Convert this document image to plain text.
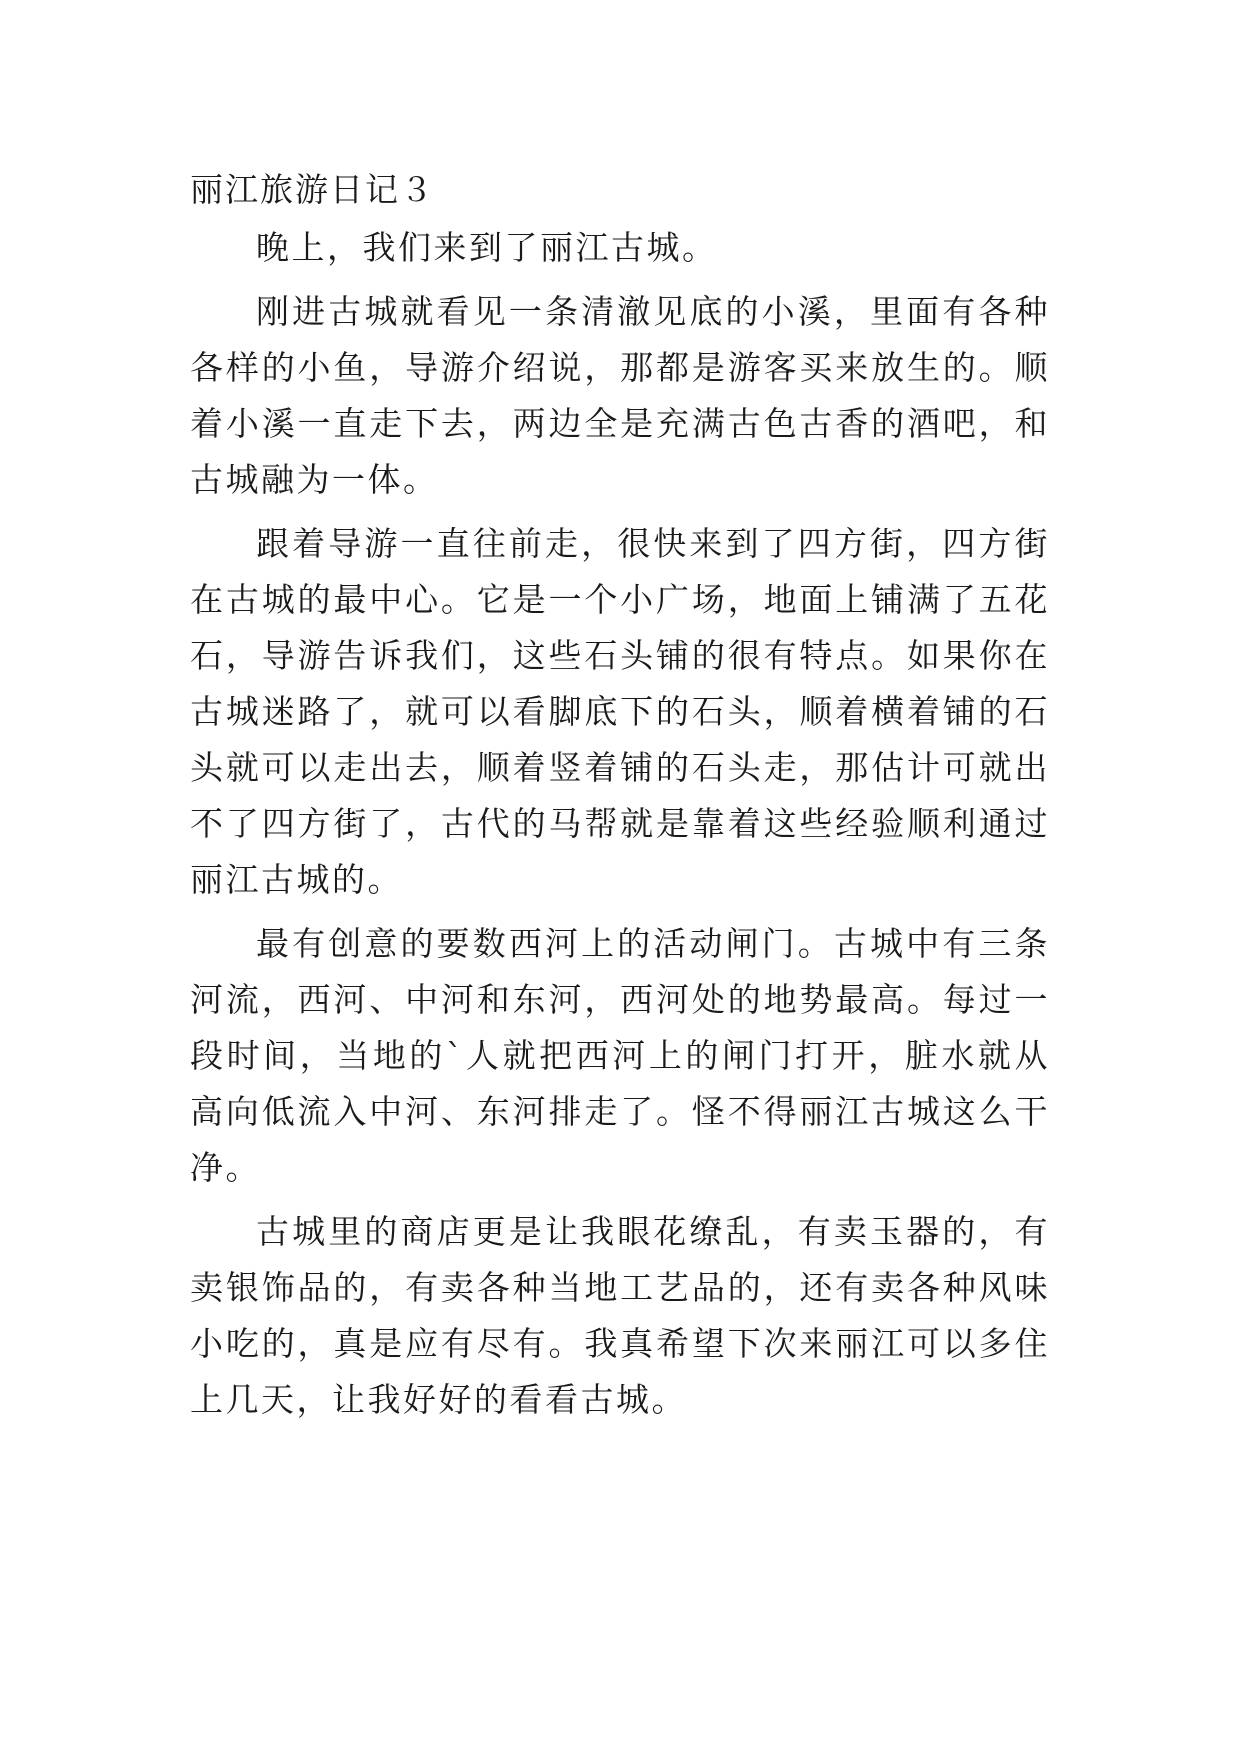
丽江旅游日记３

晚上，我们来到了丽江古城。

刚进古城就看见一条清澈见底的小溪，里面有各种各样的小鱼，导游介绍说，那都是游客买来放生的。顺着小溪一直走下去，两边全是充满古色古香的酒吧，和古城融为一体。

跟着导游一直往前走，很快来到了四方街，四方街在古城的最中心。它是一个小广场，地面上铺满了五花石，导游告诉我们，这些石头铺的很有特点。如果你在古城迷路了，就可以看脚底下的石头，顺着横着铺的石头就可以走出去，顺着竖着铺的石头走，那估计可就出不了四方街了，古代的马帮就是靠着这些经验顺利通过丽江古城的。

最有创意的要数西河上的活动闸门。古城中有三条河流，西河、中河和东河，西河处的地势最高。每过一段时间，当地的`人就把西河上的闸门打开，脏水就从高向低流入中河、东河排走了。怪不得丽江古城这么干净。

古城里的商店更是让我眼花缭乱，有卖玉器的，有卖银饰品的，有卖各种当地工艺品的，还有卖各种风味小吃的，真是应有尽有。我真希望下次来丽江可以多住上几天，让我好好的看看古城。
